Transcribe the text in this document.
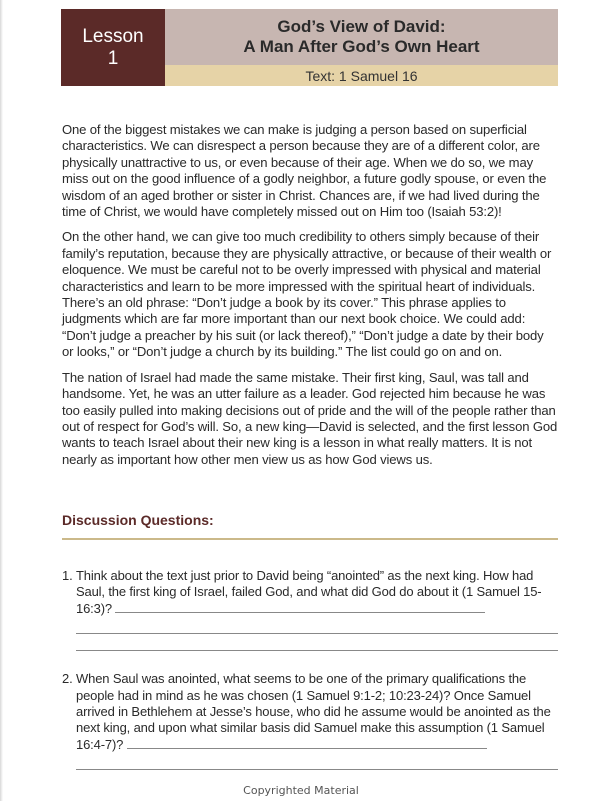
Lesson
1
God’s View of David:
A Man After God’s Own Heart
Text: 1 Samuel 16

One of the biggest mistakes we can make is judging a person based on superficial characteristics. We can disrespect a person because they are of a different color, are physically unattractive to us, or even because of their age. When we do so, we may miss out on the good influence of a godly neighbor, a future godly spouse, or even the wisdom of an aged brother or sister in Christ. Chances are, if we had lived during the time of Christ, we would have completely missed out on Him too (Isaiah 53:2)!

On the other hand, we can give too much credibility to others simply because of their family’s reputation, because they are physically attractive, or because of their wealth or eloquence. We must be careful not to be overly impressed with physical and material characteristics and learn to be more impressed with the spiritual heart of individuals. There’s an old phrase: “Don’t judge a book by its cover.” This phrase applies to judgments which are far more important than our next book choice. We could add: “Don’t judge a preacher by his suit (or lack thereof),” “Don’t judge a date by their body or looks,” or “Don’t judge a church by its building.” The list could go on and on.

The nation of Israel had made the same mistake. Their first king, Saul, was tall and handsome. Yet, he was an utter failure as a leader. God rejected him because he was too easily pulled into making decisions out of pride and the will of the people rather than out of respect for God’s will. So, a new king—David is selected, and the first lesson God wants to teach Israel about their new king is a lesson in what really matters. It is not nearly as important how other men view us as how God views us.

Discussion Questions:
1. Think about the text just prior to David being “anointed” as the next king. How had Saul, the first king of Israel, failed God, and what did God do about it (1 Samuel 15-16:3)?
2. When Saul was anointed, what seems to be one of the primary qualifications the people had in mind as he was chosen (1 Samuel 9:1-2; 10:23-24)? Once Samuel arrived in Bethlehem at Jesse’s house, who did he assume would be anointed as the next king, and upon what similar basis did Samuel make this assumption (1 Samuel 16:4-7)?
Copyrighted Material
